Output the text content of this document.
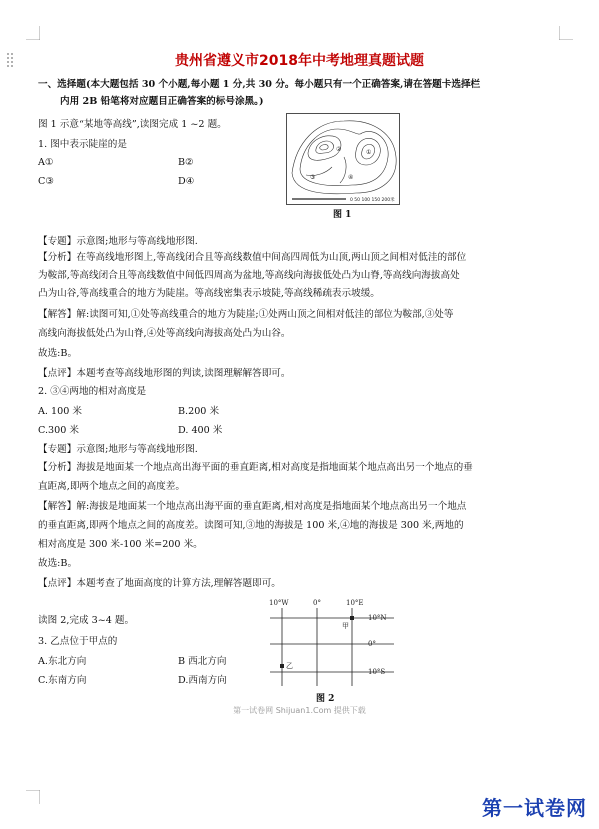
贵州省遵义市2018年中考地理真题试题
一、选择题(本大题包括 30 个小题,每小题 1 分,共 30 分。每小题只有一个正确答案,请在答题卡选择栏
内用 2B 铅笔将对应题目正确答案的标号涂黑。)
图 1 示意“某地等高线”,读图完成 1 ~2 题。
1. 图中表示陡崖的是
A①	B②
C③	D④
①
②
③	④
0 50 100 150 200米
图 1
【专题】示意图;地形与等高线地形图.
【分析】在等高线地形图上,等高线闭合且等高线数值中间高四周低为山顶,两山顶之间相对低洼的部位
为鞍部,等高线闭合且等高线数值中间低四周高为盆地,等高线向海拔低处凸为山脊,等高线向海拔高处
凸为山谷,等高线重合的地方为陡崖。等高线密集表示坡陡,等高线稀疏表示坡缓。
【解答】解:读图可知,①处等高线重合的地方为陡崖;①处两山顶之间相对低洼的部位为鞍部,③处等
高线向海拔低处凸为山脊,④处等高线向海拔高处凸为山谷。
故选:B。
【点评】本题考查等高线地形图的判读,读图理解解答即可。
2. ③④两地的相对高度是
A. 100 米	B.200 米
C.300 米	D. 400 米
【专题】示意图;地形与等高线地形图.
【分析】海拔是地面某一个地点高出海平面的垂直距离,相对高度是指地面某个地点高出另一个地点的垂
直距离,即两个地点之间的高度差。
【解答】解:海拔是地面某一个地点高出海平面的垂直距离,相对高度是指地面某个地点高出另一个地点
的垂直距离,即两个地点之间的高度差。读图可知,③地的海拔是 100 米,④地的海拔是 300 米,两地的
相对高度是 300 米-100 米=200 米。
故选:B。
【点评】本题考查了地面高度的计算方法,理解答题即可。
读图 2,完成 3~4 题。
3. 乙点位于甲点的
A.东北方向	B 西北方向
C.东南方向	D.西南方向
10°W	0°	10°E
10°N
0°
10°S
甲
乙
图 2
第一试卷网 Shijuan1.Com 提供下载
第一试卷网
